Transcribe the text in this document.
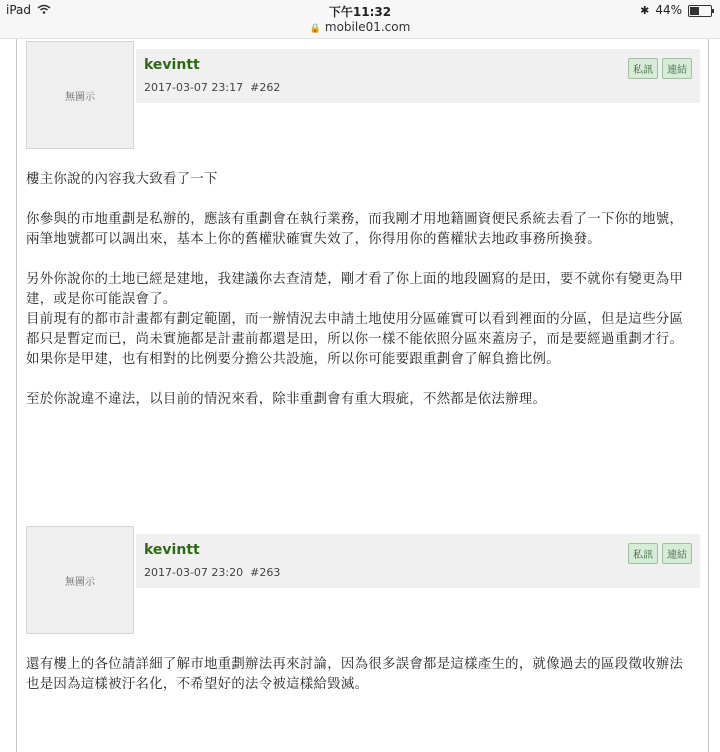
iPad	下午11:32	✱ 44%
🔒 mobile01.com
無圖示
kevintt
2017-03-07 23:17 #262
私訊	連結

樓主你說的內容我大致看了一下

你參與的市地重劃是私辦的，應該有重劃會在執行業務，而我剛才用地籍圖資便民系統去看了一下你的地號，兩筆地號都可以調出來，基本上你的舊權狀確實失效了，你得用你的舊權狀去地政事務所換發。

另外你說你的土地已經是建地，我建議你去查清楚，剛才看了你上面的地段圖寫的是田，要不就你有變更為甲建，或是你可能誤會了。
目前現有的都市計畫都有劃定範圍，而一辦情況去申請土地使用分區確實可以看到裡面的分區，但是這些分區都只是暫定而已，尚未實施都是計畫前都還是田，所以你一樣不能依照分區來蓋房子，而是要經過重劃才行。
如果你是甲建，也有相對的比例要分擔公共設施，所以你可能要跟重劃會了解負擔比例。

至於你說違不違法，以目前的情況來看，除非重劃會有重大瑕疵，不然都是依法辦理。

無圖示
kevintt
2017-03-07 23:20 #263
私訊	連結

還有樓上的各位請詳細了解市地重劃辦法再來討論，因為很多誤會都是這樣產生的，就像過去的區段徵收辦法也是因為這樣被汙名化，不希望好的法令被這樣給毀滅。
